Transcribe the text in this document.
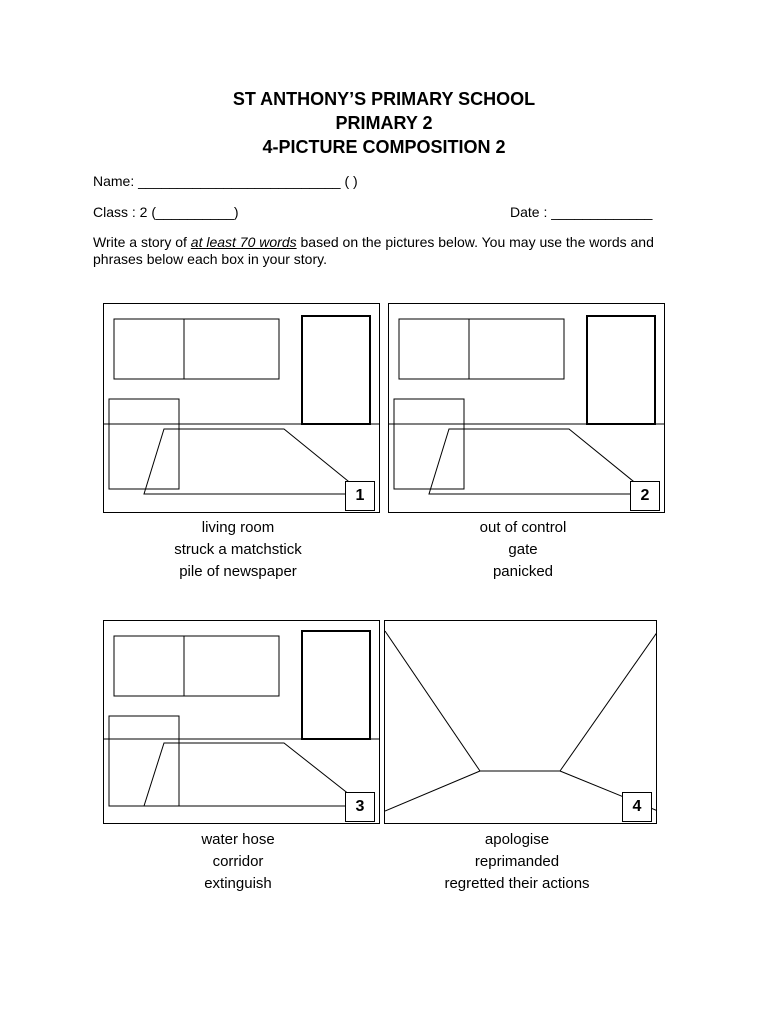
ST ANTHONY’S PRIMARY SCHOOL
PRIMARY 2
4-PICTURE COMPOSITION 2

Name: __________________________ ( )

Class : 2 (__________)	Date : _____________

Write a story of at least 70 words based on the pictures below. You may use the words and phrases below each box in your story.

1
living room
struck a matchstick
pile of newspaper
2
out of control
gate
panicked
3
water hose
corridor
extinguish
4
apologise
reprimanded
regretted their actions
